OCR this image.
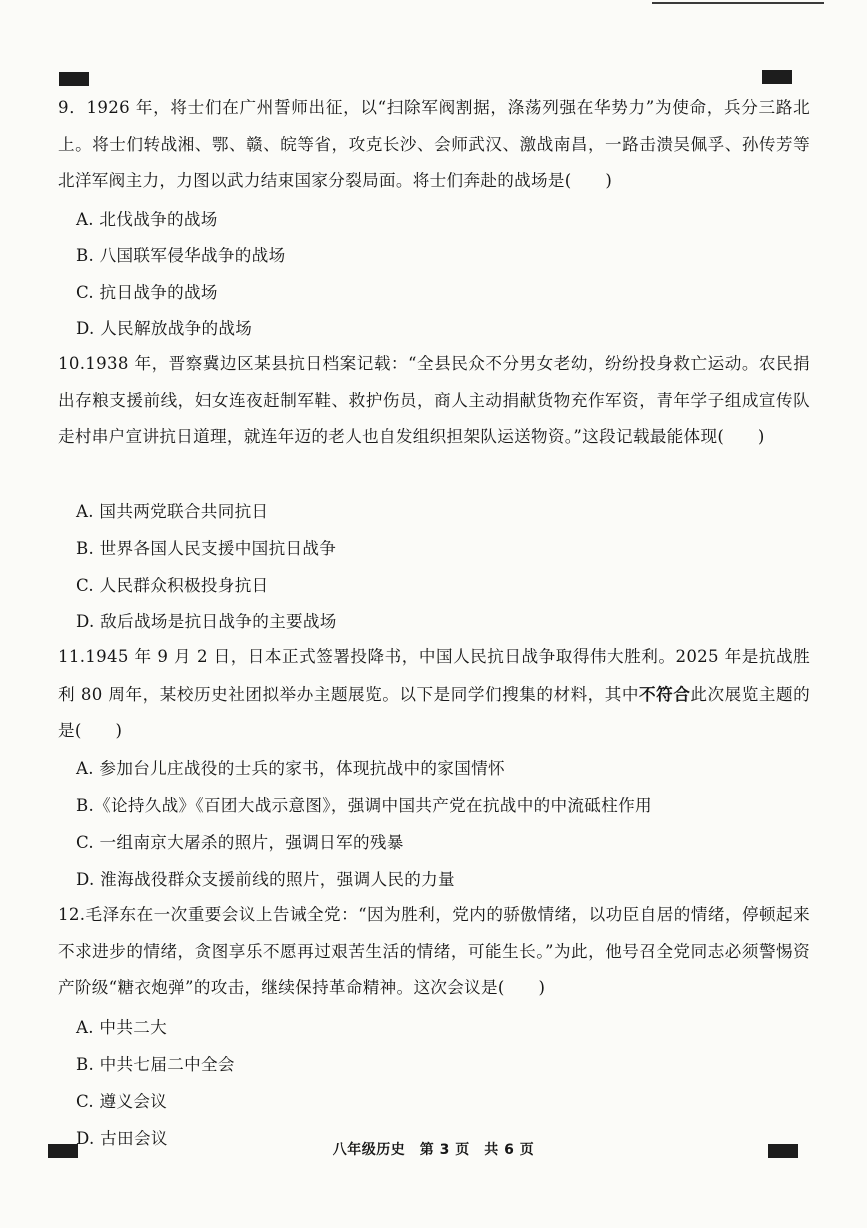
9．1926 年，将士们在广州誓师出征，以“扫除军阀割据，涤荡列强在华势力”为使命，兵分三路北上。将士们转战湘、鄂、赣、皖等省，攻克长沙、会师武汉、激战南昌，一路击溃吴佩孚、孙传芳等北洋军阀主力，力图以武力结束国家分裂局面。将士们奔赴的战场是(　　)
A. 北伐战争的战场
B. 八国联军侵华战争的战场
C. 抗日战争的战场
D. 人民解放战争的战场
10.1938 年，晋察冀边区某县抗日档案记载：“全县民众不分男女老幼，纷纷投身救亡运动。农民捐出存粮支援前线，妇女连夜赶制军鞋、救护伤员，商人主动捐献货物充作军资，青年学子组成宣传队走村串户宣讲抗日道理，就连年迈的老人也自发组织担架队运送物资。”这段记载最能体现(　　)
A. 国共两党联合共同抗日
B. 世界各国人民支援中国抗日战争
C. 人民群众积极投身抗日
D. 敌后战场是抗日战争的主要战场
11.1945 年 9 月 2 日，日本正式签署投降书，中国人民抗日战争取得伟大胜利。2025 年是抗战胜利 80 周年，某校历史社团拟举办主题展览。以下是同学们搜集的材料，其中不符合此次展览主题的是(　　)
A. 参加台儿庄战役的士兵的家书，体现抗战中的家国情怀
B.《论持久战》《百团大战示意图》，强调中国共产党在抗战中的中流砥柱作用
C. 一组南京大屠杀的照片，强调日军的残暴
D. 淮海战役群众支援前线的照片，强调人民的力量
12.毛泽东在一次重要会议上告诫全党：“因为胜利，党内的骄傲情绪，以功臣自居的情绪，停顿起来不求进步的情绪，贪图享乐不愿再过艰苦生活的情绪，可能生长。”为此，他号召全党同志必须警惕资产阶级“糖衣炮弹”的攻击，继续保持革命精神。这次会议是(　　)
A. 中共二大
B. 中共七届二中全会
C. 遵义会议
D. 古田会议
八年级历史　第 3 页　共 6 页
